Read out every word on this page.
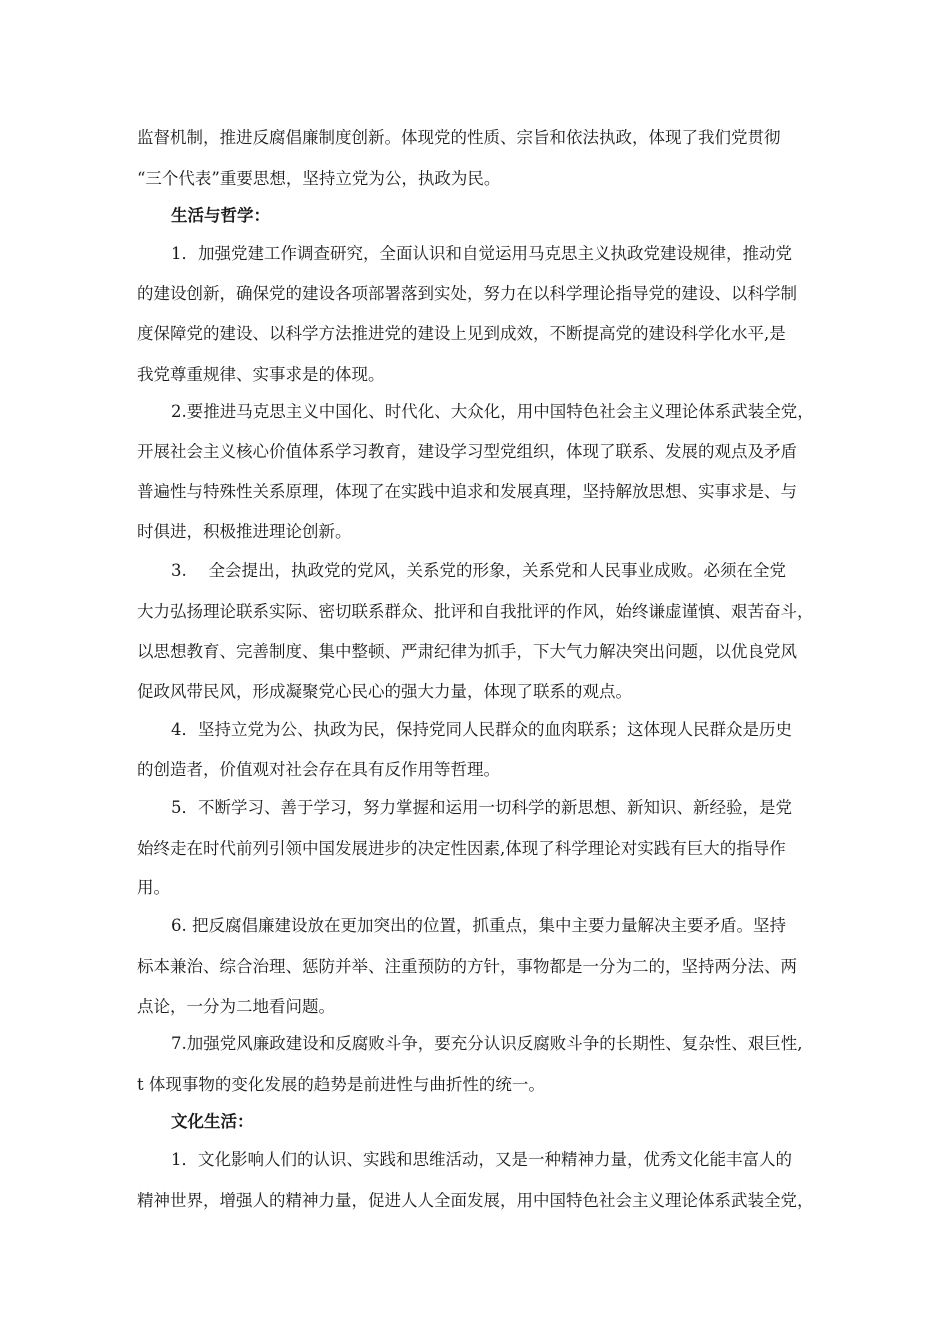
监督机制，推进反腐倡廉制度创新。体现党的性质、宗旨和依法执政，体现了我们党贯彻
“三个代表”重要思想，坚持立党为公，执政为民。
生活与哲学：
1．加强党建工作调查研究，全面认识和自觉运用马克思主义执政党建设规律，推动党
的建设创新，确保党的建设各项部署落到实处，努力在以科学理论指导党的建设、以科学制
度保障党的建设、以科学方法推进党的建设上见到成效，不断提高党的建设科学化水平,是
我党尊重规律、实事求是的体现。
2.要推进马克思主义中国化、时代化、大众化，用中国特色社会主义理论体系武装全党，
开展社会主义核心价值体系学习教育，建设学习型党组织，体现了联系、发展的观点及矛盾
普遍性与特殊性关系原理，体现了在实践中追求和发展真理，坚持解放思想、实事求是、与
时俱进，积极推进理论创新。
3.　 全会提出，执政党的党风，关系党的形象，关系党和人民事业成败。必须在全党
大力弘扬理论联系实际、密切联系群众、批评和自我批评的作风，始终谦虚谨慎、艰苦奋斗，
以思想教育、完善制度、集中整顿、严肃纪律为抓手，下大气力解决突出问题，以优良党风
促政风带民风，形成凝聚党心民心的强大力量，体现了联系的观点。
4．坚持立党为公、执政为民，保持党同人民群众的血肉联系；这体现人民群众是历史
的创造者，价值观对社会存在具有反作用等哲理。
5．不断学习、善于学习，努力掌握和运用一切科学的新思想、新知识、新经验，是党
始终走在时代前列引领中国发展进步的决定性因素,体现了科学理论对实践有巨大的指导作
用。
6. 把反腐倡廉建设放在更加突出的位置，抓重点，集中主要力量解决主要矛盾。坚持
标本兼治、综合治理、惩防并举、注重预防的方针，事物都是一分为二的，坚持两分法、两
点论，一分为二地看问题。
7.加强党风廉政建设和反腐败斗争，要充分认识反腐败斗争的长期性、复杂性、艰巨性,
t 体现事物的变化发展的趋势是前进性与曲折性的统一。
文化生活：
1．文化影响人们的认识、实践和思维活动，又是一种精神力量，优秀文化能丰富人的
精神世界，增强人的精神力量，促进人人全面发展，用中国特色社会主义理论体系武装全党，
